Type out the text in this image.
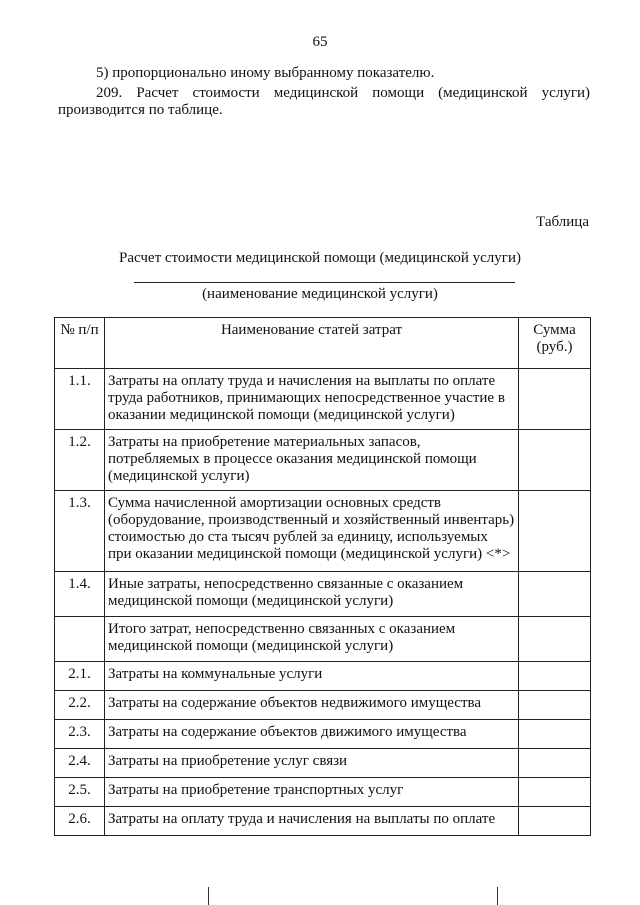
65
5) пропорционально иному выбранному показателю.
209. Расчет стоимости медицинской помощи (медицинской услуги) производится по таблице.
Таблица
Расчет стоимости медицинской помощи (медицинской услуги)
(наименование медицинской услуги)
№ п/п	Наименование статей затрат	Сумма (руб.)
1.1.	Затраты на оплату труда и начисления на выплаты по оплате труда работников, принимающих непосредственное участие в оказании медицинской помощи (медицинской услуги)	
1.2.	Затраты на приобретение материальных запасов, потребляемых в процессе оказания медицинской помощи (медицинской услуги)	
1.3.	Сумма начисленной амортизации основных средств (оборудование, производственный и хозяйственный инвентарь) стоимостью до ста тысяч рублей за единицу, используемых при оказании медицинской помощи (медицинской услуги) <*>	
1.4.	Иные затраты, непосредственно связанные с оказанием медицинской помощи (медицинской услуги)	
	Итого затрат, непосредственно связанных с оказанием медицинской помощи (медицинской услуги)	
2.1.	Затраты на коммунальные услуги	
2.2.	Затраты на содержание объектов недвижимого имущества	
2.3.	Затраты на содержание объектов движимого имущества	
2.4.	Затраты на приобретение услуг связи	
2.5.	Затраты на приобретение транспортных услуг	
2.6.	Затраты на оплату труда и начисления на выплаты по оплате	
